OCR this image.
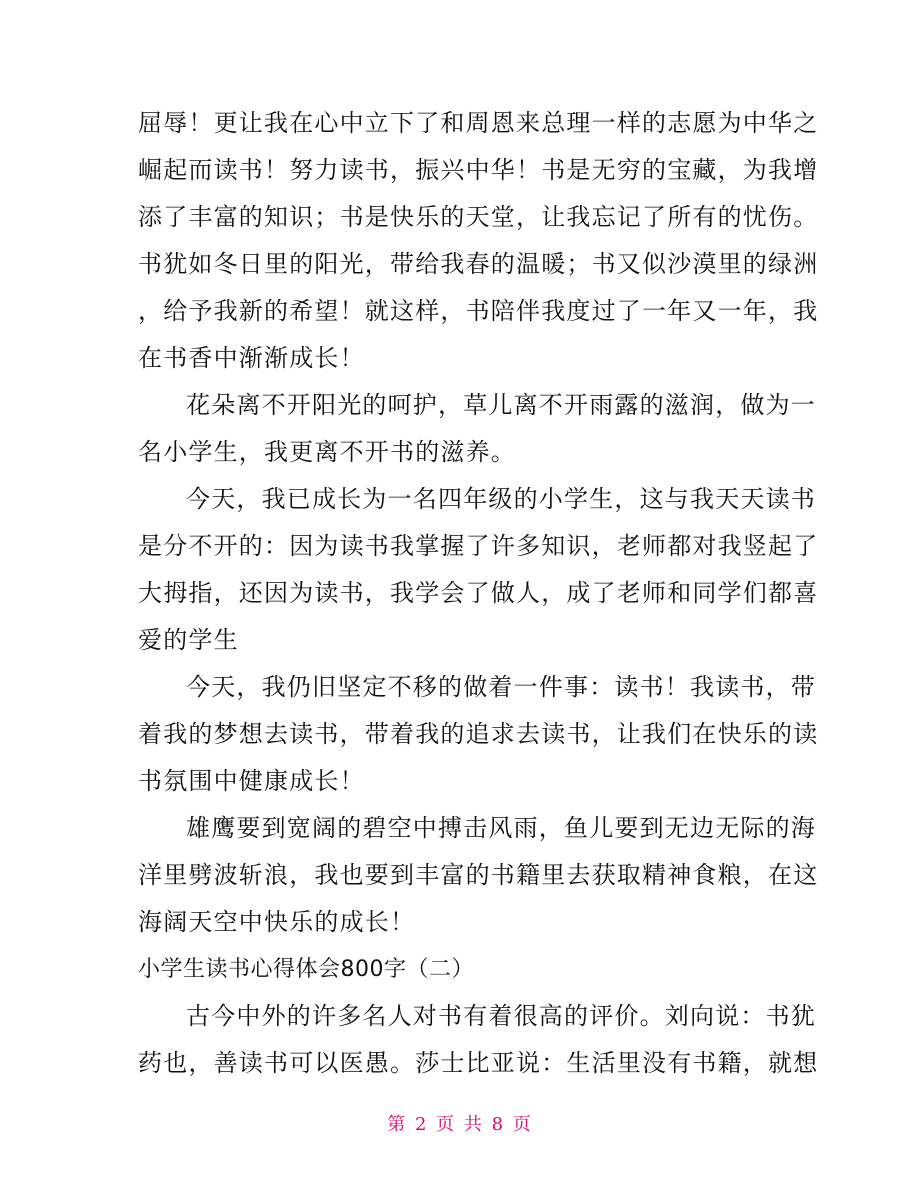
屈辱！更让我在心中立下了和周恩来总理一样的志愿为中华之
崛起而读书！努力读书，振兴中华！书是无穷的宝藏，为我增
添了丰富的知识；书是快乐的天堂，让我忘记了所有的忧伤。
书犹如冬日里的阳光，带给我春的温暖；书又似沙漠里的绿洲
，给予我新的希望！就这样，书陪伴我度过了一年又一年，我
在书香中渐渐成长！
花朵离不开阳光的呵护，草儿离不开雨露的滋润，做为一
名小学生，我更离不开书的滋养。
今天，我已成长为一名四年级的小学生，这与我天天读书
是分不开的：因为读书我掌握了许多知识，老师都对我竖起了
大拇指，还因为读书，我学会了做人，成了老师和同学们都喜
爱的学生
今天，我仍旧坚定不移的做着一件事：读书！我读书，带
着我的梦想去读书，带着我的追求去读书，让我们在快乐的读
书氛围中健康成长！
雄鹰要到宽阔的碧空中搏击风雨，鱼儿要到无边无际的海
洋里劈波斩浪，我也要到丰富的书籍里去获取精神食粮，在这
海阔天空中快乐的成长！
小学生读书心得体会800字（二）
古今中外的许多名人对书有着很高的评价。刘向说：书犹
药也，善读书可以医愚。莎士比亚说：生活里没有书籍，就想
第 2 页 共 8 页
